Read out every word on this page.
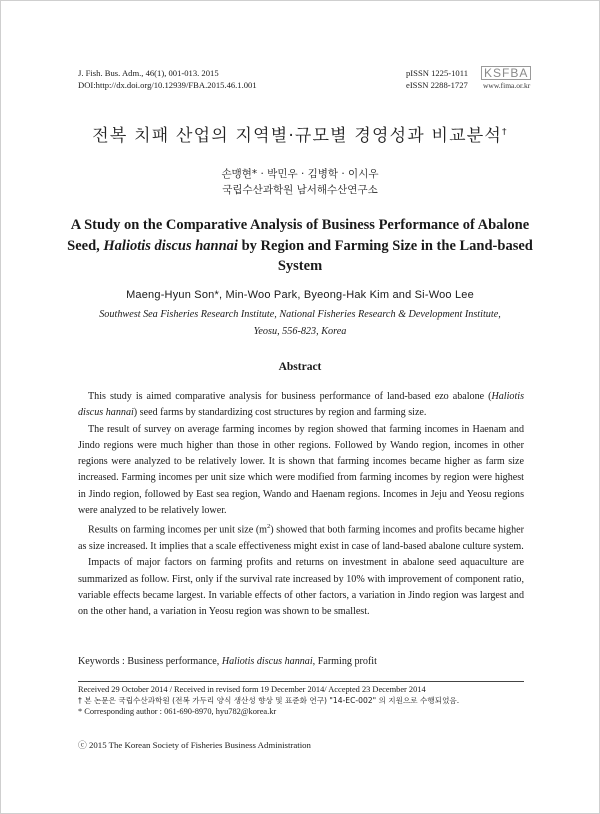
J. Fish. Bus. Adm., 46(1), 001-013. 2015
DOI:http://dx.doi.org/10.12939/FBA.2015.46.1.001
pISSN 1225-1011
eISSN 2288-1727
KSFBA
www.fima.or.kr
전복 치패 산업의 지역별·규모별 경영성과 비교분석†
손맹현* · 박민우 · 김병학 · 이시우
국립수산과학원 남서해수산연구소
A Study on the Comparative Analysis of Business Performance of Abalone Seed, Haliotis discus hannai by Region and Farming Size in the Land-based System
Maeng-Hyun Son*, Min-Woo Park, Byeong-Hak Kim and Si-Woo Lee
Southwest Sea Fisheries Research Institute, National Fisheries Research & Development Institute,
Yeosu, 556-823, Korea
Abstract

This study is aimed comparative analysis for business performance of land-based ezo abalone (Haliotis discus hannai) seed farms by standardizing cost structures by region and farming size.

The result of survey on average farming incomes by region showed that farming incomes in Haenam and Jindo regions were much higher than those in other regions. Followed by Wando region, incomes in other regions were analyzed to be relatively lower. It is shown that farming incomes became higher as farm size increased. Farming incomes per unit size which were modified from farming incomes by region were highest in Jindo region, followed by East sea region, Wando and Haenam regions. Incomes in Jeju and Yeosu regions were analyzed to be relatively lower.

Results on farming incomes per unit size $(m^2)$ showed that both farming incomes and profits became higher as size increased. It implies that a scale effectiveness might exist in case of land-based abalone culture system.

Impacts of major factors on farming profits and returns on investment in abalone seed aquaculture are summarized as follow. First, only if the survival rate increased by 10% with improvement of component ratio, variable effects became largest. In variable effects of other factors, a variation in Jindo region was largest and on the other hand, a variation in Yeosu region was shown to be smallest.

Keywords : Business performance, Haliotis discus hannai, Farming profit
Received 29 October 2014 / Received in revised form 19 December 2014/ Accepted 23 December 2014
† 본 논문은 국립수산과학원 (전복 가두리 양식 생산성 향상 및 표준화 연구) "14-EC-002" 의 지원으로 수행되었음.
* Corresponding author : 061-690-8970, hyu782@korea.kr
ⓒ 2015 The Korean Society of Fisheries Business Administration
